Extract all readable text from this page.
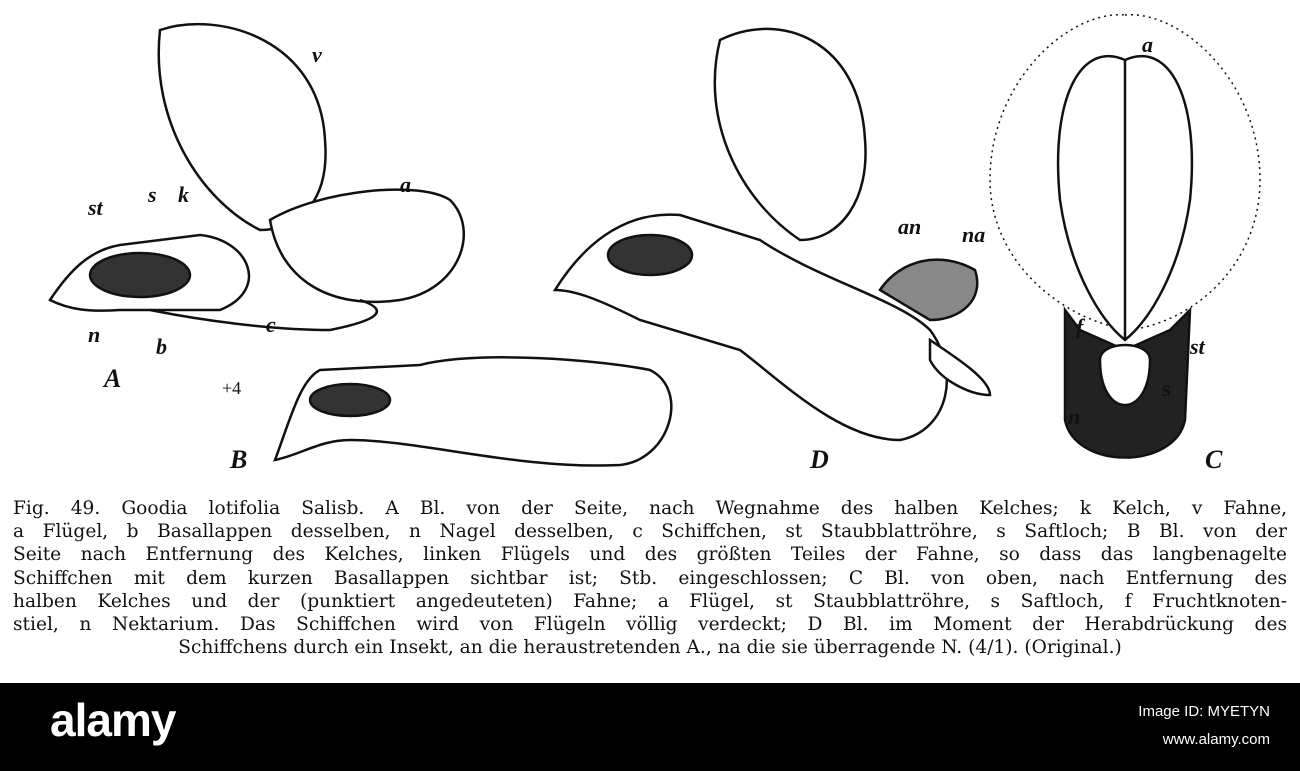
v
a
st
s k
n	b
c
A	+4
B
an na
D
a
f
st
s
n
C
Fig. 49. Goodia lotifolia Salisb. A Bl. von der Seite, nach Wegnahme des halben Kelches; k Kelch, v Fahne,
a Flügel, b Basallappen desselben, n Nagel desselben, c Schiffchen, st Staubblattröhre, s Saftloch; B Bl. von der
Seite nach Entfernung des Kelches, linken Flügels und des größten Teiles der Fahne, so dass das langbenagelte
Schiffchen mit dem kurzen Basallappen sichtbar ist; Stb. eingeschlossen; C Bl. von oben, nach Entfernung des
halben Kelches und der (punktiert angedeuteten) Fahne; a Flügel, st Staubblattröhre, s Saftloch, f Fruchtknoten-
stiel, n Nektarium. Das Schiffchen wird von Flügeln völlig verdeckt; D Bl. im Moment der Herabdrückung des
Schiffchens durch ein Insekt, an die heraustretenden A., na die sie überragende N. (4/1). (Original.)
alamy	Image ID: MYETYN
www.alamy.com
